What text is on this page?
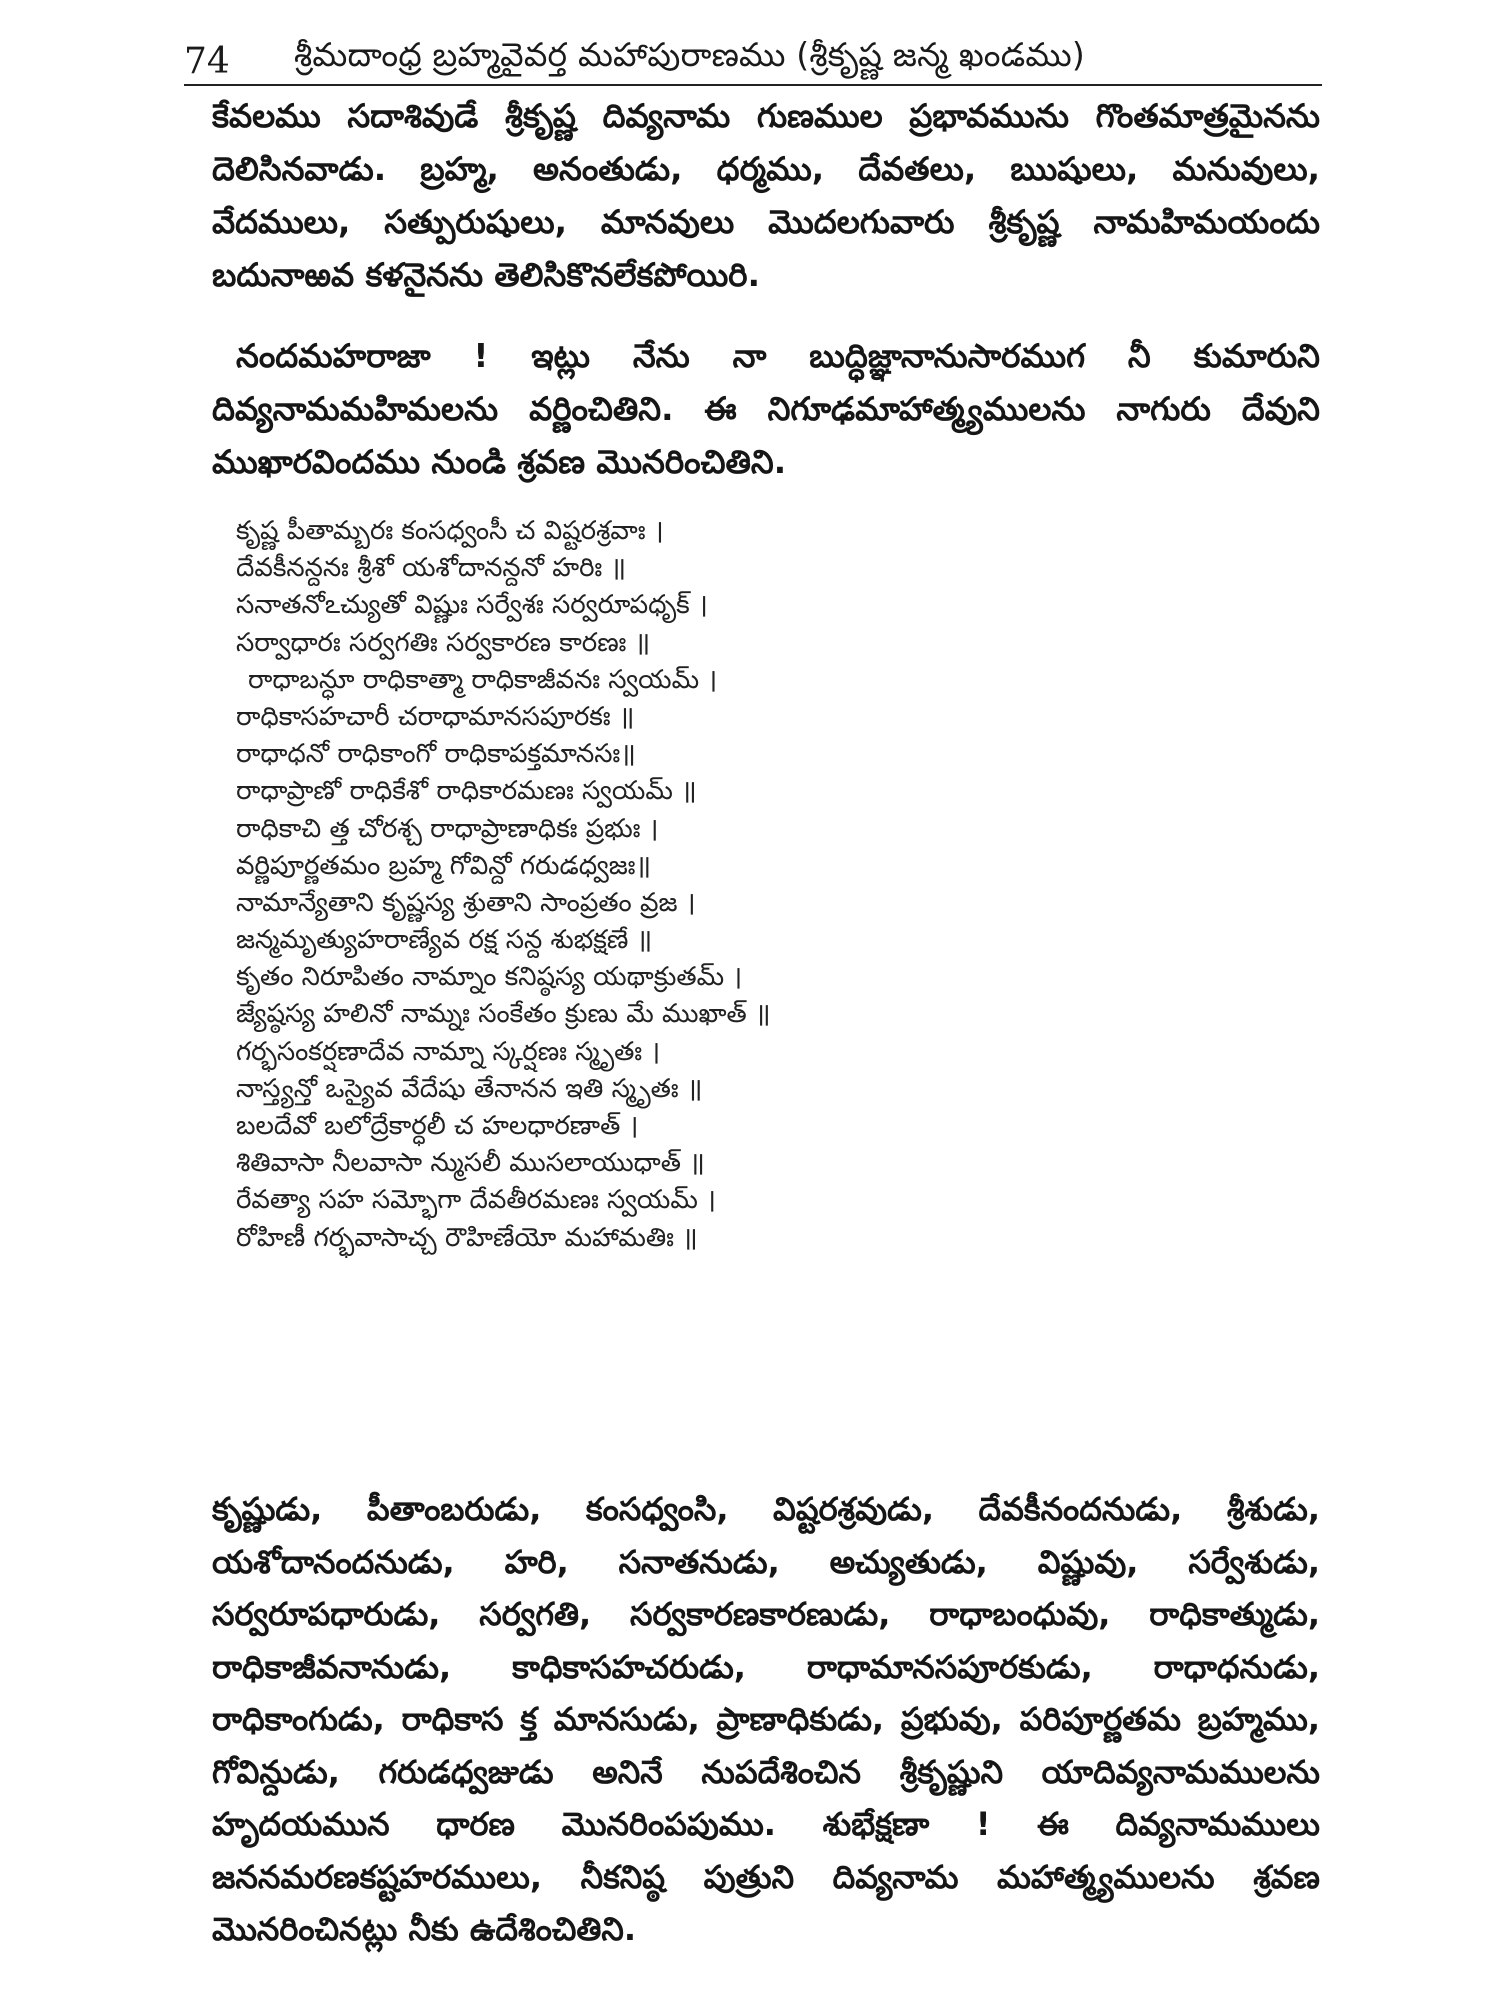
74	శ్రీమదాంధ్ర బ్రహ్మవైవర్త మహాపురాణము (శ్రీకృష్ణ జన్మ ఖండము)

కేవలము సదాశివుడే శ్రీకృష్ణ దివ్యనామ గుణముల ప్రభావమును గొంతమాత్రమైనను దెలిసినవాడు. బ్రహ్మ, అనంతుడు, ధర్మము, దేవతలు, ఋషులు, మనువులు, వేదములు, సత్పురుషులు, మానవులు మొదలగువారు శ్రీకృష్ణ నామహిమయందు బదునాఱవ కళనైనను తెలిసికొనలేకపోయిరి.

నందమహరాజా ! ఇట్లు నేను నా బుద్ధిజ్ఞానానుసారముగ నీ కుమారుని దివ్యనామమహిమలను వర్ణించితిని. ఈ నిగూఢమాహాత్మ్యములను నాగురు దేవుని ముఖారవిందము నుండి శ్రవణ మొనరించితిని.

కృష్ణ పీతామ్బరః కంసధ్వంసీ చ విష్టరశ్రవాః ।
దేవకీనన్దనః శ్రీశో యశోదానన్దనో హరిః ॥
సనాతనోఽచ్యుతో విష్ణుః సర్వేశః సర్వరూపధృక్ ।
సర్వాధారః సర్వగతిః సర్వకారణ కారణః ॥
రాధాబన్ధూ రాధికాత్మా రాధికాజీవనః స్వయమ్ ।
రాధికాసహచారీ చరాధామానసపూరకః ॥
రాధాధనో రాధికాంగో రాధికాపక్తమానసః॥
రాధాప్రాణో రాధికేశో రాధికారమణః స్వయమ్ ॥
రాధికాచి త్త చోరశ్చ రాధాప్రాణాధికః ప్రభుః ।
వర్ణిపూర్ణతమం బ్రహ్మ గోవిన్దో గరుడధ్వజః॥
నామాన్యేతాని కృష్ణస్య శ్రుతాని సాంప్రతం వ్రజ ।
జన్మమృత్యుహరాణ్యేవ రక్ష సన్ద శుభక్షణే ॥
కృతం నిరూపితం నామ్నాం కనిష్ఠస్య యథాక్రుతమ్ ।
జ్యేష్ఠస్య హలినో నామ్నః సంకేతం క్రుణు మే ముఖాత్ ॥
గర్భసంకర్షణాదేవ నామ్నా స్కర్షణః స్మృతః ।
నాస్త్యన్తో ఒస్యైవ వేదేషు తేనానన ఇతి స్మృతః ॥
బలదేవో బలోద్రేకార్ధలీ చ హలధారణాత్ ।
శితివాసా నీలవాసా న్ముసలీ ముసలాయుధాత్ ॥
రేవత్యా సహ సమ్భోగా దేవతీరమణః స్వయమ్ ।
రోహిణీ గర్భవాసాచ్చ రౌహిణేయో మహామతిః ॥

కృష్ణుడు, పీతాంబరుడు, కంసధ్వంసి, విష్టరశ్రవుడు, దేవకీనందనుడు, శ్రీశుడు, యశోదానందనుడు, హరి, సనాతనుడు, అచ్యుతుడు, విష్ణువు, సర్వేశుడు, సర్వరూపధారుడు, సర్వగతి, సర్వకారణకారణుడు, రాధాబంధువు, రాధికాత్ముడు, రాధికాజీవనానుడు, కాధికాసహచరుడు, రాధామానసపూరకుడు, రాధాధనుడు, రాధికాంగుడు, రాధికాస క్త మానసుడు, ప్రాణాధికుడు, ప్రభువు, పరిపూర్ణతమ బ్రహ్మము, గోవిన్దుడు, గరుడధ్వజుడు అనినే నుపదేశించిన శ్రీకృష్ణుని యాదివ్యనామములను హృదయమున ధారణ మొనరింపపుము. శుభేక్షణా ! ఈ దివ్యనామములు జననమరణకష్టహరములు, నీకనిష్ఠ పుత్రుని దివ్యనామ మహాత్మ్యములను శ్రవణ మొనరించినట్లు నీకు ఉదేశించితిని.
